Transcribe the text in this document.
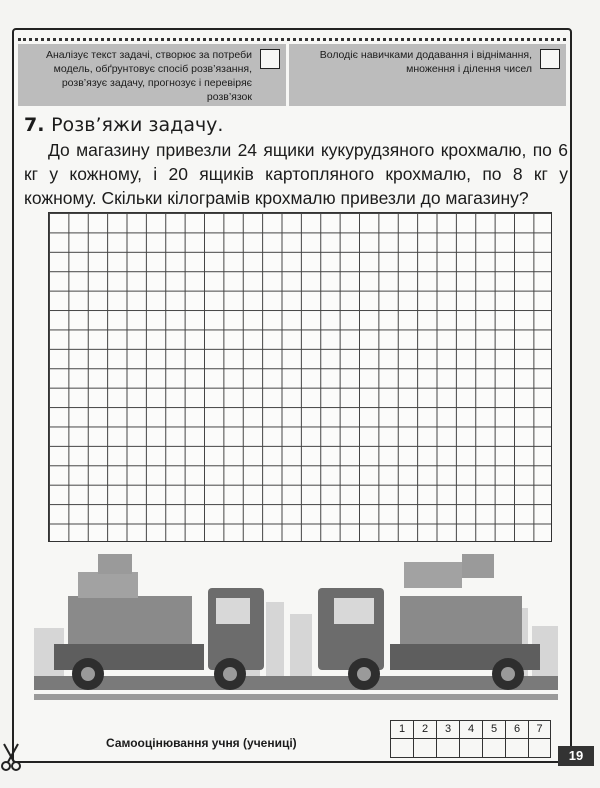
Аналізує текст задачі, створює за потреби модель, обґрунтовує спосіб розв’язання, розв’язує задачу, прогнозує і перевіряє розв’язок
Володіє навичками додавання і віднімання, множення і ділення чисел
7. Розв’яжи задачу.
До магазину привезли 24 ящики кукурудзяного крохмалю, по 6 кг у кожному, і 20 ящиків картопляного крохмалю, по 8 кг у кожному. Скільки кілограмів крохмалю привезли до магазину?
Самооцінювання учня (учениці)
1	2	3	4	5	6	7
19
